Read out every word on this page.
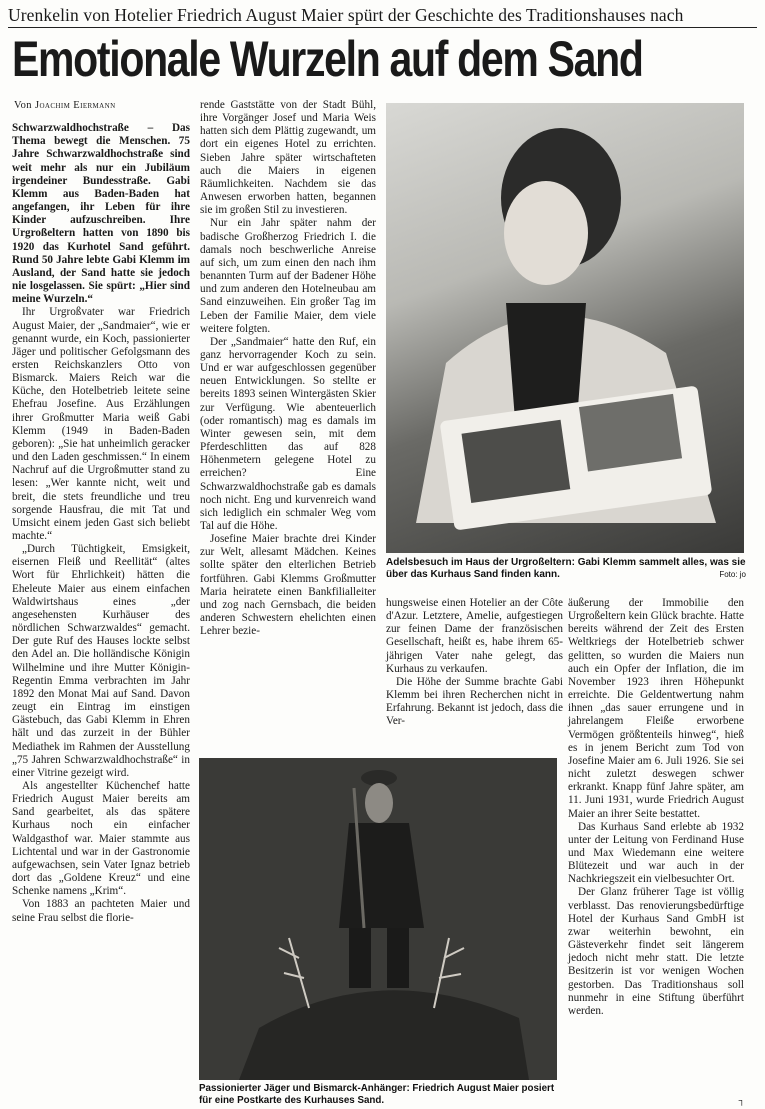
Urenkelin von Hotelier Friedrich August Maier spürt der Geschichte des Traditionshauses nach
Emotionale Wurzeln auf dem Sand
Von Joachim Eiermann

Schwarzwaldhochstraße – Das Thema bewegt die Menschen. 75 Jahre Schwarzwaldhochstraße sind weit mehr als nur ein Jubiläum irgendeiner Bundesstraße. Gabi Klemm aus Baden-Baden hat angefangen, ihr Leben für ihre Kinder aufzuschreiben. Ihre Urgroßeltern hatten von 1890 bis 1920 das Kurhotel Sand geführt. Rund 50 Jahre lebte Gabi Klemm im Ausland, der Sand hatte sie jedoch nie losgelassen. Sie spürt: „Hier sind meine Wurzeln.“

Ihr Urgroßvater war Friedrich August Maier, der „Sandmaier“, wie er genannt wurde, ein Koch, passionierter Jäger und politischer Gefolgsmann des ersten Reichskanzlers Otto von Bismarck. Maiers Reich war die Küche, den Hotelbetrieb leitete seine Ehefrau Josefine. Aus Erzählungen ihrer Großmutter Maria weiß Gabi Klemm (1949 in Baden-Baden geboren): „Sie hat unheimlich geracker und den Laden geschmissen.“ In einem Nachruf auf die Urgroßmutter stand zu lesen: „Wer kannte nicht, weit und breit, die stets freundliche und treu sorgende Hausfrau, die mit Tat und Umsicht einem jeden Gast sich beliebt machte.“

„Durch Tüchtigkeit, Emsigkeit, eisernen Fleiß und Reellität“ (altes Wort für Ehrlichkeit) hätten die Eheleute Maier aus einem einfachen Waldwirtshaus eines „der angesehensten Kurhäuser des nördlichen Schwarzwaldes“ gemacht. Der gute Ruf des Hauses lockte selbst den Adel an. Die holländische Königin Wilhelmine und ihre Mutter Königin-Regentin Emma verbrachten im Jahr 1892 den Monat Mai auf Sand. Davon zeugt ein Eintrag im einstigen Gästebuch, das Gabi Klemm in Ehren hält und das zurzeit in der Bühler Mediathek im Rahmen der Ausstellung „75 Jahren Schwarzwaldhochstraße“ in einer Vitrine gezeigt wird.

Als angestellter Küchenchef hatte Friedrich August Maier bereits am Sand gearbeitet, als das spätere Kurhaus noch ein einfacher Waldgasthof war. Maier stammte aus Lichtental und war in der Gastronomie aufgewachsen, sein Vater Ignaz betrieb dort das „Goldene Kreuz“ und eine Schenke namens „Krim“.

Von 1883 an pachteten Maier und seine Frau selbst die florie-

rende Gaststätte von der Stadt Bühl, ihre Vorgänger Josef und Maria Weis hatten sich dem Plättig zugewandt, um dort ein eigenes Hotel zu errichten. Sieben Jahre später wirtschafteten auch die Maiers in eigenen Räumlichkeiten. Nachdem sie das Anwesen erworben hatten, begannen sie im großen Stil zu investieren.

Nur ein Jahr später nahm der badische Großherzog Friedrich I. die damals noch beschwerliche Anreise auf sich, um zum einen den nach ihm benannten Turm auf der Badener Höhe und zum anderen den Hotelneubau am Sand einzuweihen. Ein großer Tag im Leben der Familie Maier, dem viele weitere folgten.

Der „Sandmaier“ hatte den Ruf, ein ganz hervorragender Koch zu sein. Und er war aufgeschlossen gegenüber neuen Entwicklungen. So stellte er bereits 1893 seinen Wintergästen Skier zur Verfügung. Wie abenteuerlich (oder romantisch) mag es damals im Winter gewesen sein, mit dem Pferdeschlitten das auf 828 Höhenmetern gelegene Hotel zu erreichen? Eine Schwarzwaldhochstraße gab es damals noch nicht. Eng und kurvenreich wand sich lediglich ein schmaler Weg vom Tal auf die Höhe.

Josefine Maier brachte drei Kinder zur Welt, allesamt Mädchen. Keines sollte später den elterlichen Betrieb fortführen. Gabi Klemms Großmutter Maria heiratete einen Bankfilialleiter und zog nach Gernsbach, die beiden anderen Schwestern ehelichten einen Lehrer bezie-

Adelsbesuch im Haus der Urgroßeltern: Gabi Klemm sammelt alles, was sie über das Kurhaus Sand finden kann.	Foto: jo

hungsweise einen Hotelier an der Côte d'Azur. Letztere, Amelie, aufgestiegen zur feinen Dame der französischen Gesellschaft, heißt es, habe ihrem 65-jährigen Vater nahe gelegt, das Kurhaus zu verkaufen.

Die Höhe der Summe brachte Gabi Klemm bei ihren Recherchen nicht in Erfahrung. Bekannt ist jedoch, dass die Ver-

äußerung der Immobilie den Urgroßeltern kein Glück brachte. Hatte bereits während der Zeit des Ersten Weltkriegs der Hotelbetrieb schwer gelitten, so wurden die Maiers nun auch ein Opfer der Inflation, die im November 1923 ihren Höhepunkt erreichte. Die Geldentwertung nahm ihnen „das sauer errungene und in jahrelangem Fleiße erworbene Vermögen größtenteils hinweg“, hieß es in jenem Bericht zum Tod von Josefine Maier am 6. Juli 1926. Sie sei nicht zuletzt deswegen schwer erkrankt. Knapp fünf Jahre später, am 11. Juni 1931, wurde Friedrich August Maier an ihrer Seite bestattet.

Das Kurhaus Sand erlebte ab 1932 unter der Leitung von Ferdinand Huse und Max Wiedemann eine weitere Blütezeit und war auch in der Nachkriegszeit ein vielbesuchter Ort.

Der Glanz früherer Tage ist völlig verblasst. Das renovierungsbedürftige Hotel der Kurhaus Sand GmbH ist zwar weiterhin bewohnt, ein Gästeverkehr findet seit längerem jedoch nicht mehr statt. Die letzte Besitzerin ist vor wenigen Wochen gestorben. Das Traditionshaus soll nunmehr in eine Stiftung überführt werden.

Passionierter Jäger und Bismarck-Anhänger: Friedrich August Maier posiert für eine Postkarte des Kurhauses Sand.	┐
